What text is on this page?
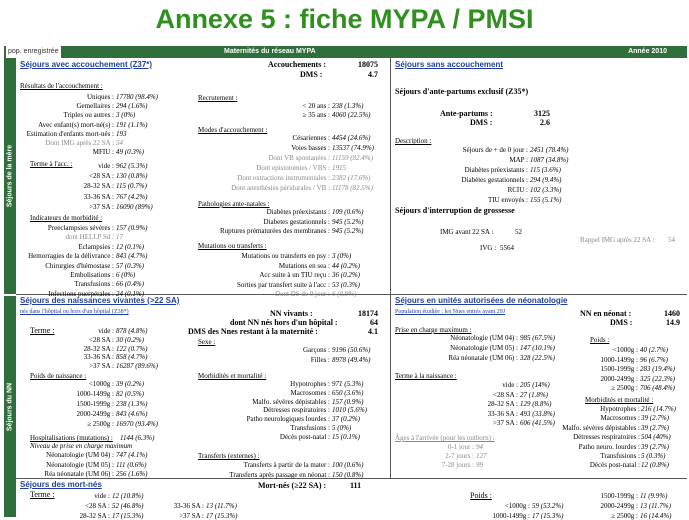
Annexe 5 : fiche MYPA / PMSI
pop. enregistrée	Maternités du réseau MYPA	Année 2010
Séjours de la mère
Séjours du NN
Séjours avec accouchement (Z37*)	Accouchements :	18075
DMS :	4.7
Résultats de l'accouchement :
Uniques : 17780 (98.4%)
Gemellaires : 294 (1.6%)
Triples ou autres : 3 (0%)
Avec enfant(s) mort-né(s) : 191 (1.1%)
Estimation d'enfants mort-nés : 193
Dont IMG après 22 SA : 54
MFIU : 49 (0.3%)
Terme à l'acc. :	vide : 962 (5.3%)
<28 SA : 130 (0.8%)
28-32 SA : 115 (0.7%)
33-36 SA : 767 (4.2%)
>37 SA : 16090 (89%)
Indicateurs de morbidité :
Preeclampsies sévères : 157 (0.9%)
dont HELLP Sd : 17
Eclampsies : 12 (0.1%)
Hemorragies de la délivrance : 843 (4.7%)
Chirurgies d'hémostase : 57 (0.3%)
Embolisations : 6 (0%)
Transfusions : 66 (0.4%)
Infections puerpérales : 24 (0.1%)
Recrutement :
< 20 ans : 238 (1.3%)
≥ 35 ans : 4060 (22.5%)
Modes d'accouchement :
Césariennes : 4454 (24.6%)
Voies basses : 13537 (74.9%)
Dont VB spontanées : 11159 (82.4%)
Dont episiotomies / VBS : 1915
Dont extractions instrumentales : 2382 (17.6%)
Dont anesthésies péridurales / VB : 11178 (82.5%)
Pathologies ante-natales :
Diabètes préexistants : 109 (0.6%)
Diabetes gestationnels : 945 (5.2%)
Ruptures prématurées des membranes : 945 (5.2%)
Mutations ou transferts :
Mutations ou transferts en psy : 3 (0%)
Mutations en sea : 44 (0.2%)
Acc suite à un TIU reçu : 36 (0.2%)
Sorties par transfert suite à l'acc : 53 (0.3%)
Dont DS de 0 jour : 6 (0.9%)
Séjours sans accouchement
Séjours d'ante-partums exclusif (Z35*)
Ante-partums :	3125
DMS :	2.6
Description :
Séjours de + de 0 jour : 2451 (78.4%)
MAP : 1087 (34.8%)
Diabètes préexistants : 115 (3.6%)
Diabètes gestationnels : 294 (9.4%)
RCIU : 102 (3.3%)
TIU envoyés : 155 (5.1%)
Séjours d'interruption de grossesse
IMG avant 22 SA :	52
Rappel IMG après 22 SA : 54
IVG : 5564
Séjours des naissances vivantes (>22 SA)
nés dans l'hôpital ou hors d'un hôpital (Z38*)	NN vivants :	18174
dont NN nés hors d'un hôpital :	64
DMS des Nnes restant à la maternité :	4.1
Terme :	vide : 878 (4.8%)
<28 SA : 30 (0.2%)
28-32 SA : 122 (0.7%)
33-36 SA : 858 (4.7%)
>37 SA : 16287 (89.6%)
Sexe :
Garçons : 9196 (50.6%)
Filles : 8978 (49.4%)
Poids de naissance :
<1000g : 39 (0.2%)
1000-1499g : 82 (0.5%)
1500-1999g : 238 (1.3%)
2000-2499g : 843 (4.6%)
≥ 2500g : 16970 (93.4%)
Morbidités et mortalité :
Hypotrophes : 971 (5.3%)
Macrosomes : 650 (3.6%)
Malfo. sévères dépistables : 157 (0.9%)
Détresses respiratoires : 1010 (5.6%)
Patho neurologiques lourdes : 37 (0.2%)
Transfusions : 5 (0%)
Décès post-natal : 15 (0.1%)
Hospitalisations (mutations) : 1144 (6.3%)
Niveau de prise en charge maximum
Néonatologie (UM 04) : 747 (4.1%)
Néonatologie (UM 05) : 111 (0.6%)
Réa néonatale (UM 06) : 256 (1.6%)
Transferts (externes) :
Transferts à partir de la mater : 100 (0.6%)
Transferts après passage en néonat : 150 (0.8%)
Séjours en unités autorisées de néonatologie
Population étudiée : les Nnes entrés avant 29J	NN en néonat :	1460
DMS :	14.9
Prise en charge maximum :
Néonatologie (UM 04) : 985 (67.5%)
Néonatologie (UM 05) : 147 (10.1%)
Réa néonatale (UM 06) : 328 (22.5%)
Poids :
<1000g : 40 (2.7%)
1000-1499g : 96 (6.7%)
1500-1999g : 283 (19.4%)
2000-2499g : 325 (22.3%)
≥ 2500g : 706 (48.4%)
Terme à la naissance :
vide : 205 (14%)
<28 SA : 27 (1.8%)
28-32 SA : 129 (8.8%)
33-36 SA : 493 (33.8%)
>37 SA : 606 (41.5%)
Morbidités et mortalité :
Hypotrophes : 216 (14.7%)
Macrosomes : 39 (2.7%)
Malfo. sévères dépistables : 39 (2.7%)
Détresses respiratoires : 504 (40%)
Patho neuro. lourdes : 39 (2.7%)
Transfusions : 5 (0.3%)
Décès post-natal : 12 (0.8%)
Âges à l'arrivée (pour les outborn) :
0-1 jour : 94
2-7 jours : 127
7-28 jours : 99
Séjours des mort-nés	Mort-nés (≥22 SA) :	111
Terme :	vide : 12 (10.8%)
<28 SA : 52 (46.8%)
28-32 SA : 17 (15.3%)
33-36 SA : 13 (11.7%)
>37 SA : 17 (15.3%)
Poids :
<1000g : 59 (53.2%)
1000-1499g : 17 (15.3%)
1500-1999g : 11 (9.9%)
2000-2499g : 13 (11.7%)
≥ 2500g : 16 (14.4%)
